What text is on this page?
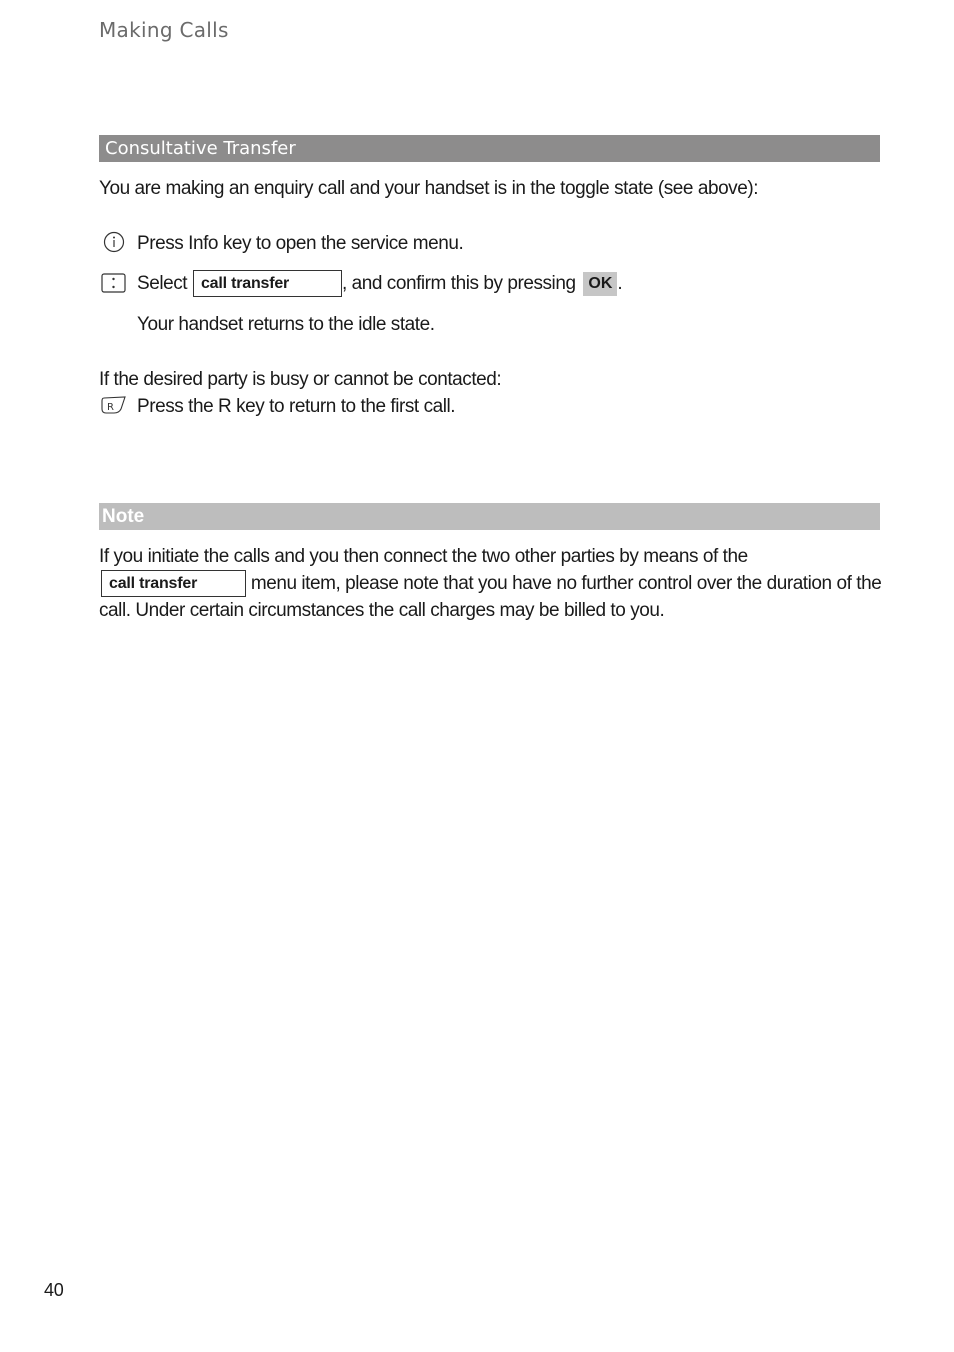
Making Calls
Consultative Transfer
You are making an enquiry call and your handset is in the toggle state (see above):
Press Info key to open the service menu.
Select call transfer	, and confirm this by pressing OK .
Your handset returns to the idle state.
If the desired party is busy or cannot be contacted:
R Press the R key to return to the first call.
Note
If you initiate the calls and you then connect the two other parties by means of the
call transfer	menu item, please note that you have no further control over the duration of the
call. Under certain circumstances the call charges may be billed to you.
40
